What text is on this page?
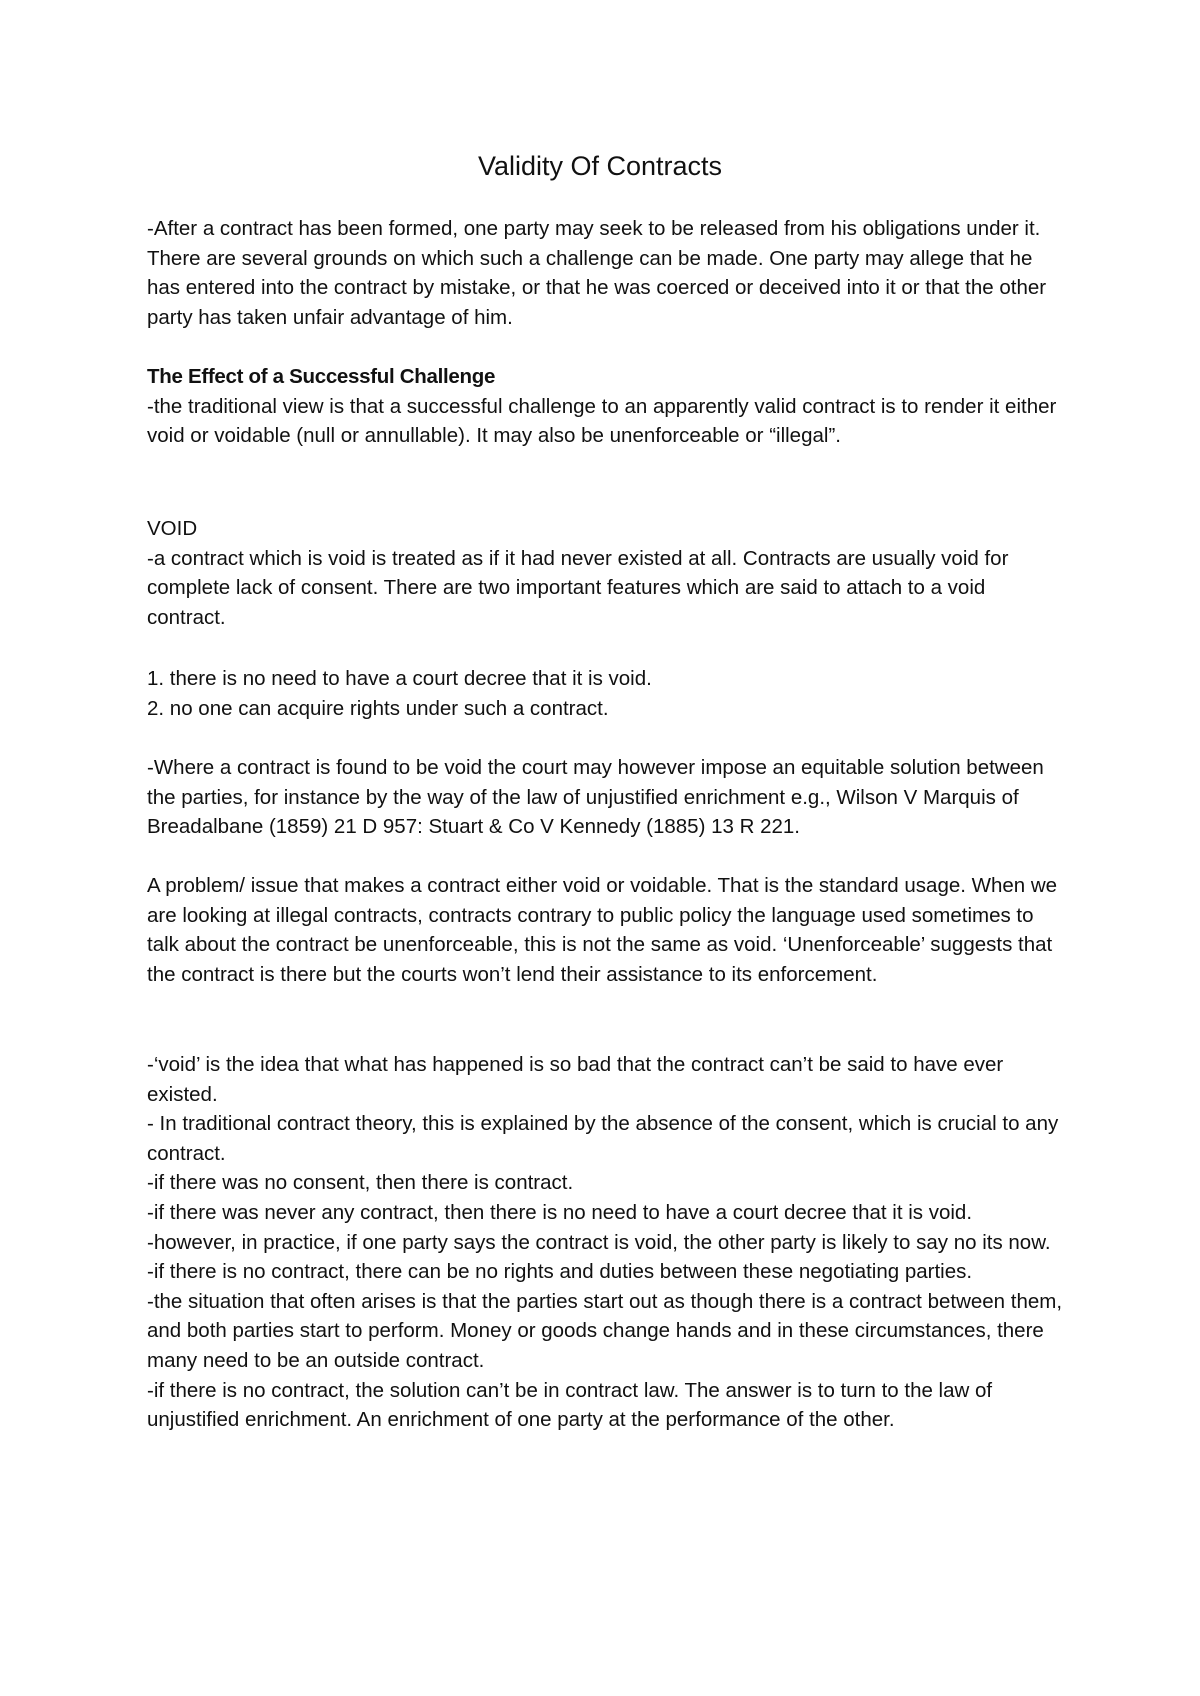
Validity Of Contracts

-After a contract has been formed, one party may seek to be released from his obligations under it. There are several grounds on which such a challenge can be made. One party may allege that he has entered into the contract by mistake, or that he was coerced or deceived into it or that the other party has taken unfair advantage of him.

The Effect of a Successful Challenge

-the traditional view is that a successful challenge to an apparently valid contract is to render it either void or voidable (null or annullable). It may also be unenforceable or “illegal”.

VOID

-a contract which is void is treated as if it had never existed at all. Contracts are usually void for complete lack of consent. There are two important features which are said to attach to a void contract.

1. there is no need to have a court decree that it is void.

2. no one can acquire rights under such a contract.

-Where a contract is found to be void the court may however impose an equitable solution between the parties, for instance by the way of the law of unjustified enrichment e.g., Wilson V Marquis of Breadalbane (1859) 21 D 957: Stuart & Co V Kennedy (1885) 13 R 221.

A problem/ issue that makes a contract either void or voidable. That is the standard usage. When we are looking at illegal contracts, contracts contrary to public policy the language used sometimes to talk about the contract be unenforceable, this is not the same as void. ‘Unenforceable’ suggests that the contract is there but the courts won’t lend their assistance to its enforcement.

-‘void’ is the idea that what has happened is so bad that the contract can’t be said to have ever existed.

- In traditional contract theory, this is explained by the absence of the consent, which is crucial to any contract.

-if there was no consent, then there is contract.

-if there was never any contract, then there is no need to have a court decree that it is void.

-however, in practice, if one party says the contract is void, the other party is likely to say no its now.

-if there is no contract, there can be no rights and duties between these negotiating parties.

-the situation that often arises is that the parties start out as though there is a contract between them, and both parties start to perform. Money or goods change hands and in these circumstances, there many need to be an outside contract.

-if there is no contract, the solution can’t be in contract law. The answer is to turn to the law of unjustified enrichment. An enrichment of one party at the performance of the other.
